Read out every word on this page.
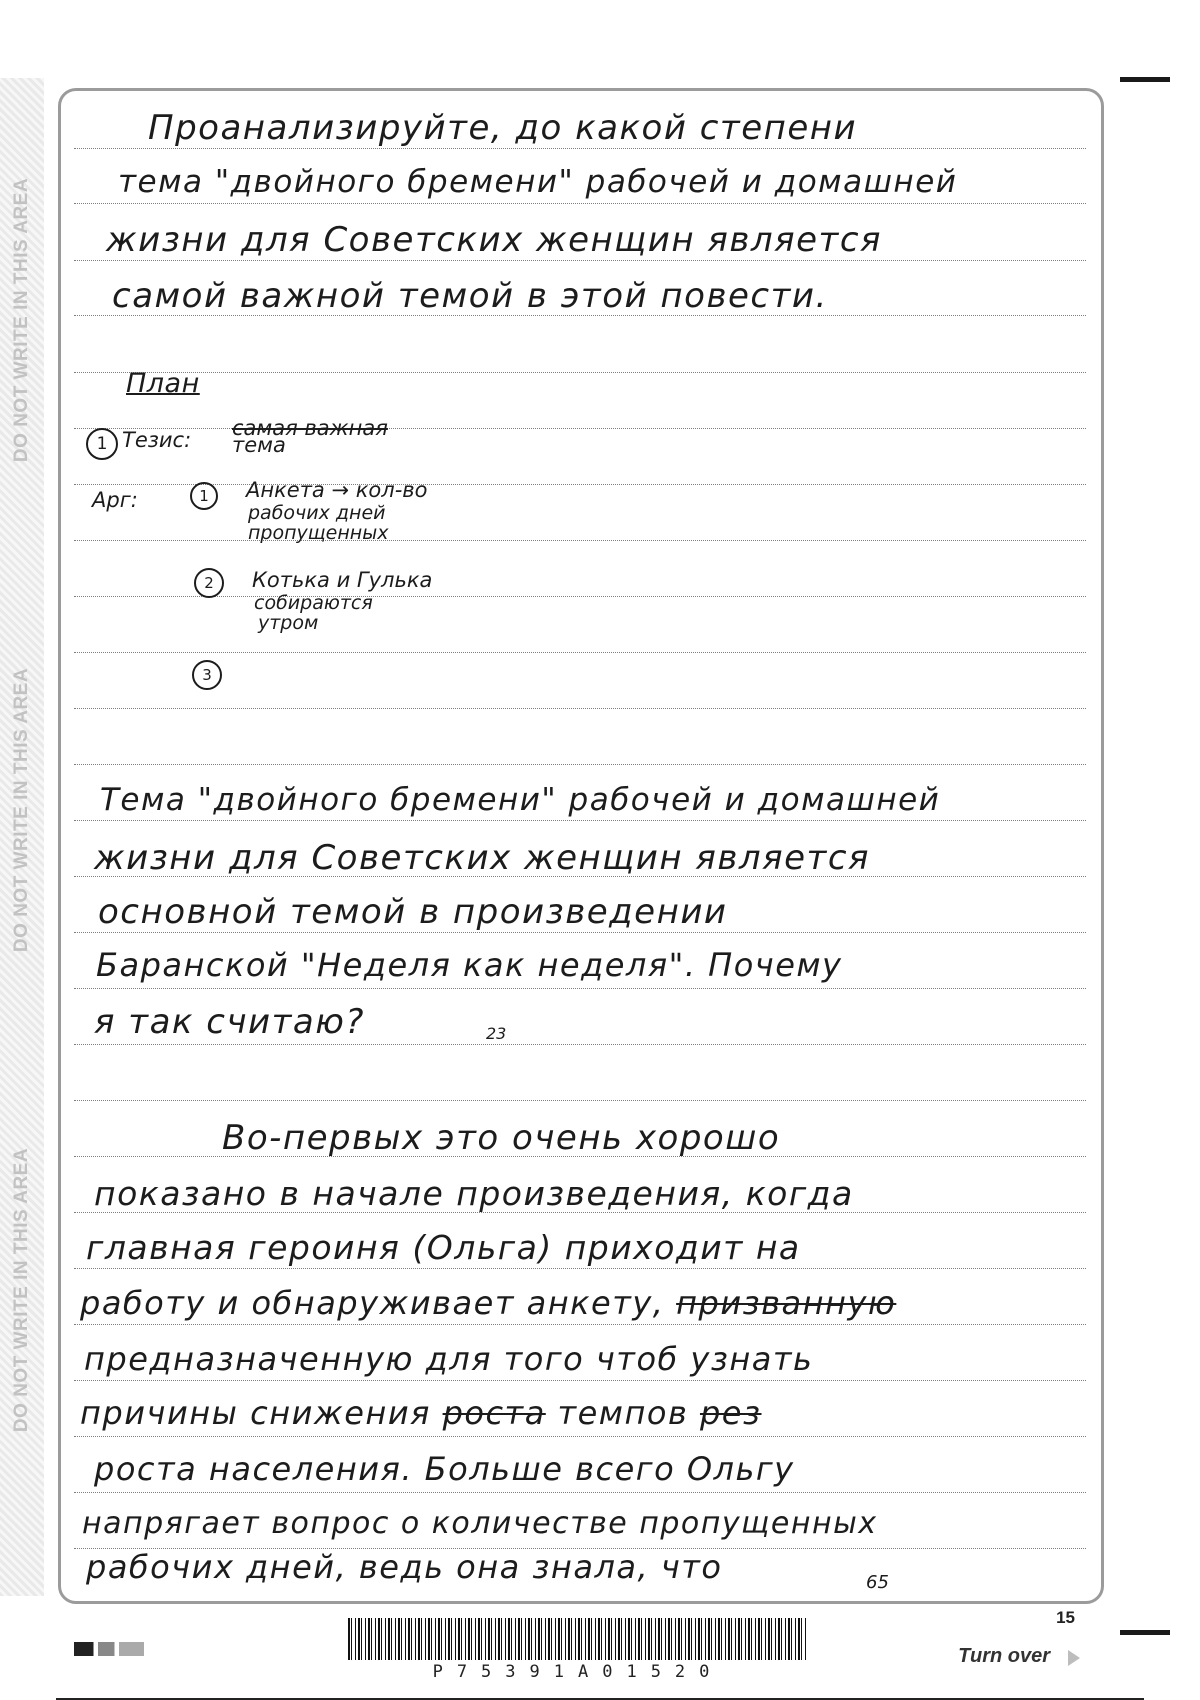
DO NOT WRITE IN THIS AREA
DO NOT WRITE IN THIS AREA
DO NOT WRITE IN THIS AREA
Проанализируйте, до какой степени
тема "двойного бремени" рабочей и домашней
жизни для Советских женщин является
самой важной темой в этой повести.
План
1 Тезис: самая важная
тема
Арг:	1	Анкета → кол-во
рабочих дней
пропущенных
2	Котька и Гулька
собираются
утром
3
Тема "двойного бремени" рабочей и домашней
жизни для Советских женщин является
основной темой в произведении
Баранской "Неделя как неделя". Почему
я так считаю?	23
Во-первых это очень хорошо
показано в начале произведения, когда
главная героиня (Ольга) приходит на
работу и обнаруживает анкету, призванную
предназначенную для того чтоб узнать
причины снижения роста темпов рез
роста населения. Больше всего Ольгу
напрягает вопрос о количестве пропущенных
рабочих дней, ведь она знала, что	65
P75391A01520
15
Turn over
